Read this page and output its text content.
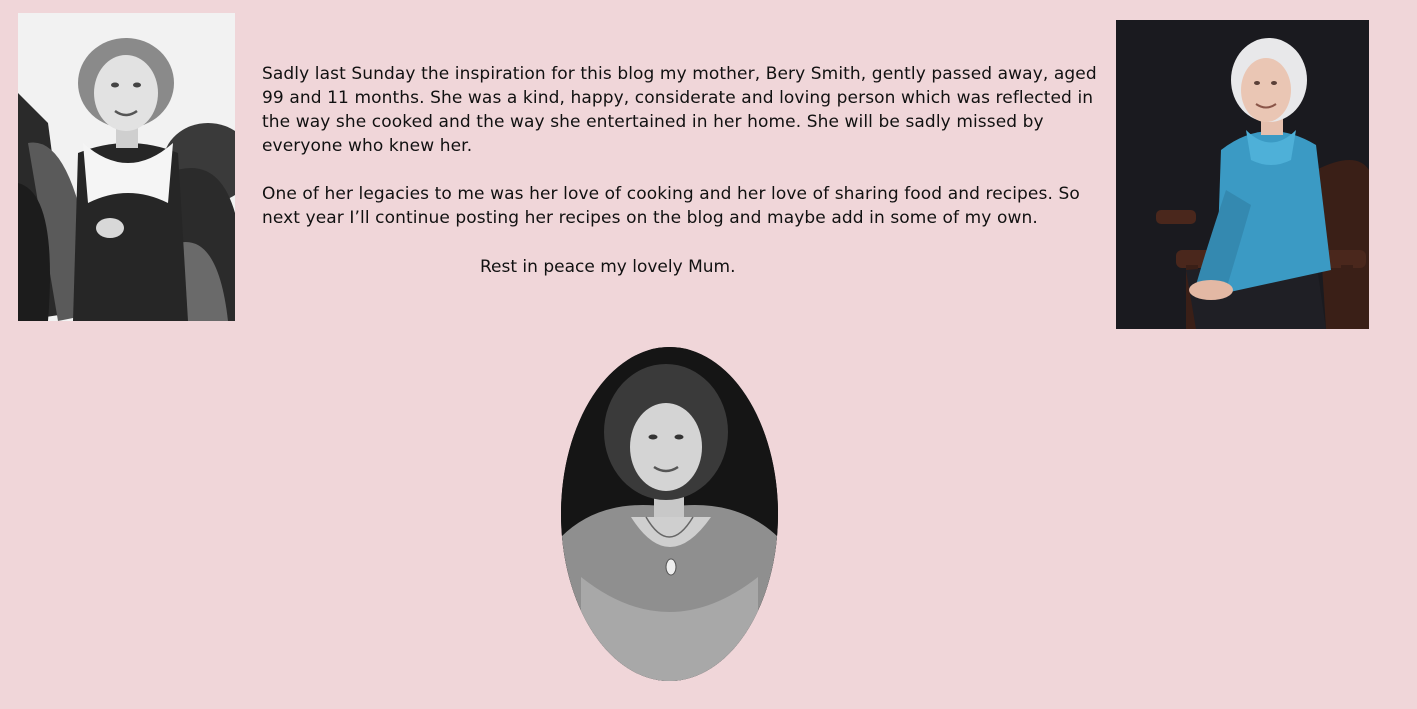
Sadly last Sunday the inspiration for this blog my mother, Bery Smith, gently passed away, aged 99 and 11 months. She was a kind, happy, considerate and loving person which was reflected in the way she cooked and the way she entertained in her home. She will be sadly missed by everyone who knew her.

One of her legacies to me was her love of cooking and her love of sharing food and recipes. So next year I’ll continue posting her recipes on the blog and maybe add in some of my own.

Rest in peace my lovely Mum.
